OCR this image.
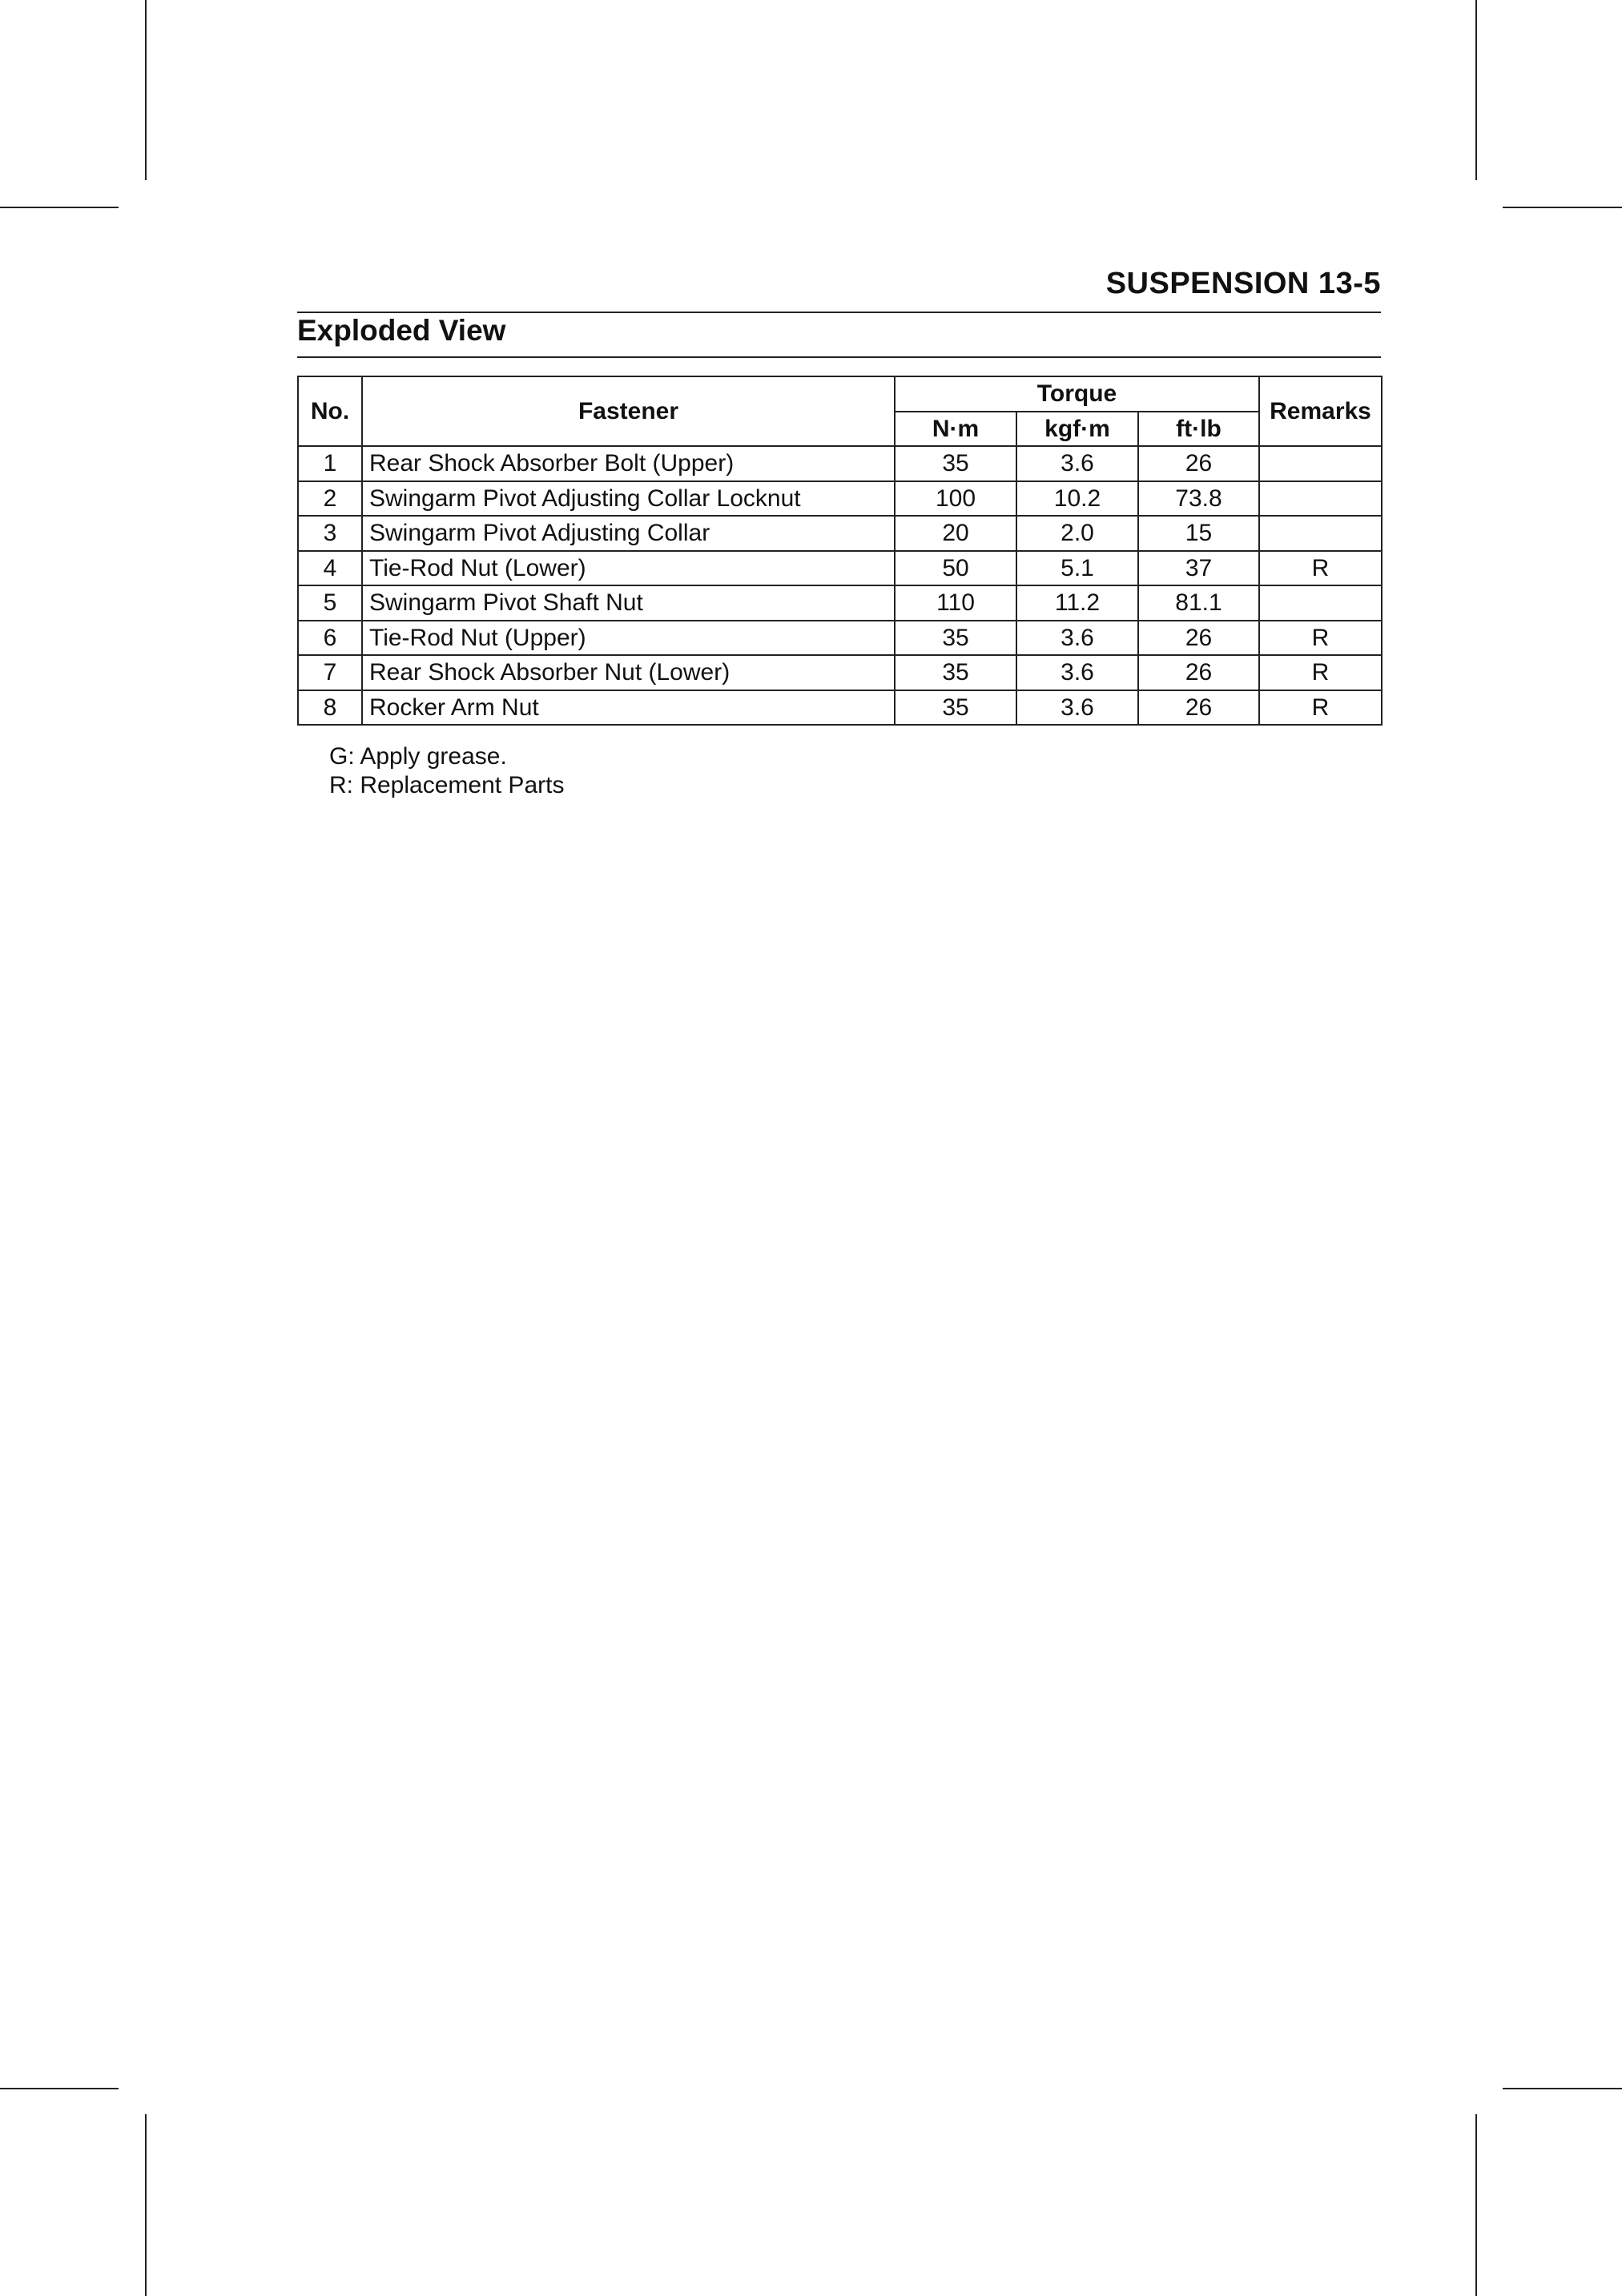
SUSPENSION 13-5
Exploded View
No.	Fastener	Torque			Remarks
		N·m	kgf·m	ft·lb	
1	Rear Shock Absorber Bolt (Upper)	35	3.6	26	
2	Swingarm Pivot Adjusting Collar Locknut	100	10.2	73.8	
3	Swingarm Pivot Adjusting Collar	20	2.0	15	
4	Tie-Rod Nut (Lower)	50	5.1	37	R
5	Swingarm Pivot Shaft Nut	110	11.2	81.1	
6	Tie-Rod Nut (Upper)	35	3.6	26	R
7	Rear Shock Absorber Nut (Lower)	35	3.6	26	R
8	Rocker Arm Nut	35	3.6	26	R
G: Apply grease.
R: Replacement Parts
